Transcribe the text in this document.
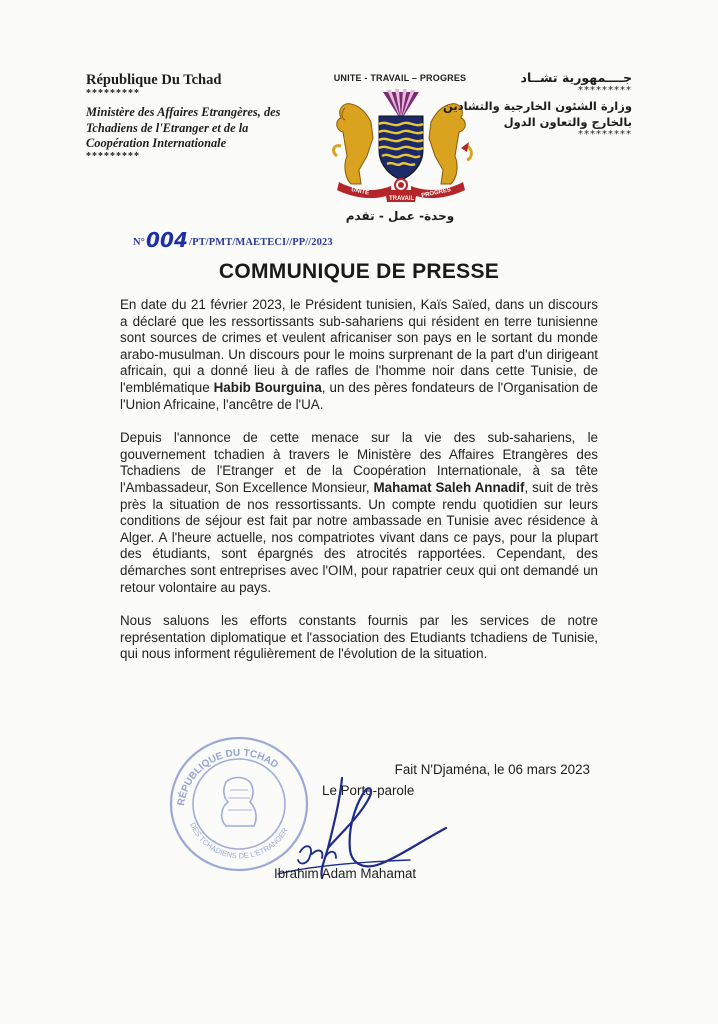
République Du Tchad
*********
Ministère des Affaires Etrangères, des Tchadiens de l'Etranger et de la Coopération Internationale
*********
UNITE - TRAVAIL – PROGRES
UNITE	PROGRES
TRAVAIL
وحدة- عمل - تقدم
جــــمهورية تشــاد
*********
وزارة الشئون الخارجية والتشادين بالخارج والتعاون الدول
*********
N°004/PT/PMT/MAETECI//PP//2023
COMMUNIQUE DE PRESSE

En date du 21 février 2023, le Président tunisien, Kaïs Saïed, dans un discours a déclaré que les ressortissants sub-sahariens qui résident en terre tunisienne sont sources de crimes et veulent africaniser son pays en le sortant du monde arabo-musulman. Un discours pour le moins surprenant de la part d'un dirigeant africain, qui a donné lieu à de rafles de l'homme noir dans cette Tunisie, de l'emblématique Habib Bourguina, un des pères fondateurs de l'Organisation de l'Union Africaine, l'ancêtre de l'UA.

Depuis l'annonce de cette menace sur la vie des sub-sahariens, le gouvernement tchadien à travers le Ministère des Affaires Etrangères des Tchadiens de l'Etranger et de la Coopération Internationale, à sa tête l'Ambassadeur, Son Excellence Monsieur, Mahamat Saleh Annadif, suit de très près la situation de nos ressortissants. Un compte rendu quotidien sur leurs conditions de séjour est fait par notre ambassade en Tunisie avec résidence à Alger. A l'heure actuelle, nos compatriotes vivant dans ce pays, pour la plupart des étudiants, sont épargnés des atrocités rapportées. Cependant, des démarches sont entreprises avec l'OIM, pour rapatrier ceux qui ont demandé un retour volontaire au pays.

Nous saluons les efforts constants fournis par les services de notre représentation diplomatique et l'association des Etudiants tchadiens de Tunisie, qui nous informent régulièrement de l'évolution de la situation.

RÉPUBLIQUE DU TCHAD
DES TCHADIENS DE L'ETRANGER
Fait N'Djaména, le 06 mars 2023
Le Porte-parole
Ibrahim Adam Mahamat
